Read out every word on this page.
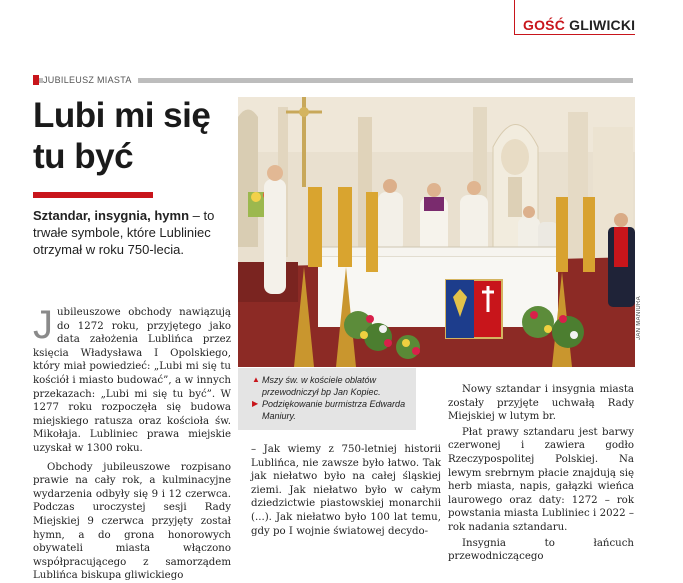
GOŚĆ GLIWICKI
JUBILEUSZ MIASTA
Lubi mi się
tu być
Sztandar, insygnia, hymn – to trwałe symbole, które Lubliniec otrzymał w roku 750-lecia.
J ubileuszowe obchody nawiązują do 1272 roku, przyjętego jako data założenia Lublińca przez księcia Władysława I Opolskiego, który miał powiedzieć: „Lubi mi się tu kościół i miasto budować”, a w innych przekazach: „Lubi mi się tu być”. W 1277 roku rozpoczęła się budowa miejskiego ratusza oraz kościoła św. Mikołaja. Lubliniec prawa miejskie uzyskał w 1300 roku.

Obchody jubileuszowe rozpisano prawie na cały rok, a kulminacyjne wydarzenia odbyły się 9 i 12 czerwca. Podczas uroczystej sesji Rady Miejskiej 9 czerwca przyjęty został hymn, a do grona honorowych obywateli miasta włączono współpracującego z samorządem Lublińca biskupa gliwickiego

JAN MANIURA
▲ Mszy św. w kościele oblatów przewodniczył bp Jan Kopiec.
▶ Podziękowanie burmistrza Edwarda Maniury.

– Jak wiemy z 750-letniej historii Lublińca, nie zawsze było łatwo. Tak jak niełatwo było na całej śląskiej ziemi. Jak niełatwo było w całym dziedzictwie piastowskiej monarchii (...). Jak niełatwo było 100 lat temu, gdy po I wojnie światowej decydo-

Nowy sztandar i insygnia miasta zostały przyjęte uchwałą Rady Miejskiej w lutym br.

Płat prawy sztandaru jest barwy czerwonej i zawiera godło Rzeczypospolitej Polskiej. Na lewym srebrnym płacie znajdują się herb miasta, napis, gałązki wieńca laurowego oraz daty: 1272 – rok powstania miasta Lubliniec i 2022 – rok nadania sztandaru.

Insygnia to łańcuch przewodniczącego
